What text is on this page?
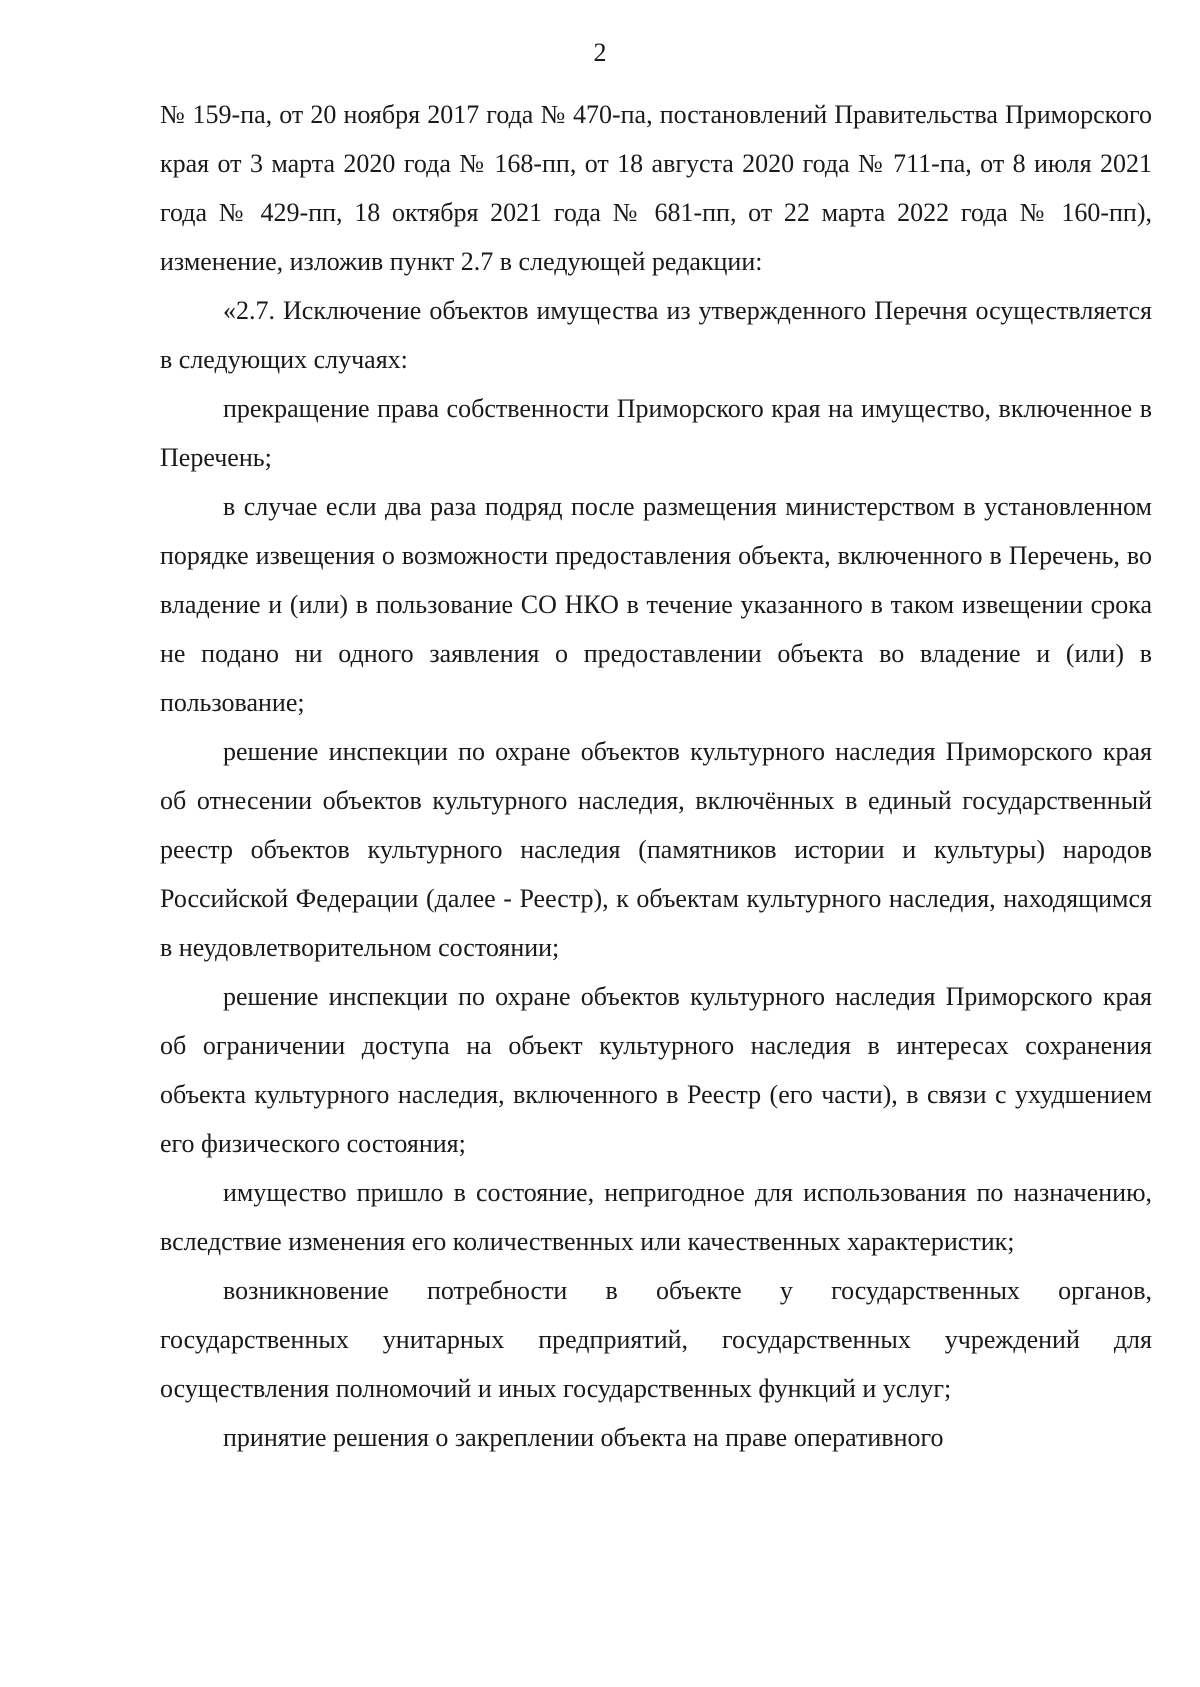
2

№ 159-па, от 20 ноября 2017 года № 470-па, постановлений Правительства Приморского края от 3 марта 2020 года № 168-пп, от 18 августа 2020 года № 711-па, от 8 июля 2021 года № 429-пп, 18 октября 2021 года № 681-пп, от 22 марта 2022 года № 160-пп), изменение, изложив пункт 2.7 в следующей редакции:

«2.7. Исключение объектов имущества из утвержденного Перечня осуществляется в следующих случаях:

прекращение права собственности Приморского края на имущество, включенное в Перечень;

в случае если два раза подряд после размещения министерством в установленном порядке извещения о возможности предоставления объекта, включенного в Перечень, во владение и (или) в пользование СО НКО в течение указанного в таком извещении срока не подано ни одного заявления о предоставлении объекта во владение и (или) в пользование;

решение инспекции по охране объектов культурного наследия Приморского края об отнесении объектов культурного наследия, включённых в единый государственный реестр объектов культурного наследия (памятников истории и культуры) народов Российской Федерации (далее - Реестр), к объектам культурного наследия, находящимся в неудовлетворительном состоянии;

решение инспекции по охране объектов культурного наследия Приморского края об ограничении доступа на объект культурного наследия в интересах сохранения объекта культурного наследия, включенного в Реестр (его части), в связи с ухудшением его физического состояния;

имущество пришло в состояние, непригодное для использования по назначению, вследствие изменения его количественных или качественных характеристик;

возникновение потребности в объекте у государственных органов, государственных унитарных предприятий, государственных учреждений для осуществления полномочий и иных государственных функций и услуг;

принятие решения о закреплении объекта на праве оперативного
